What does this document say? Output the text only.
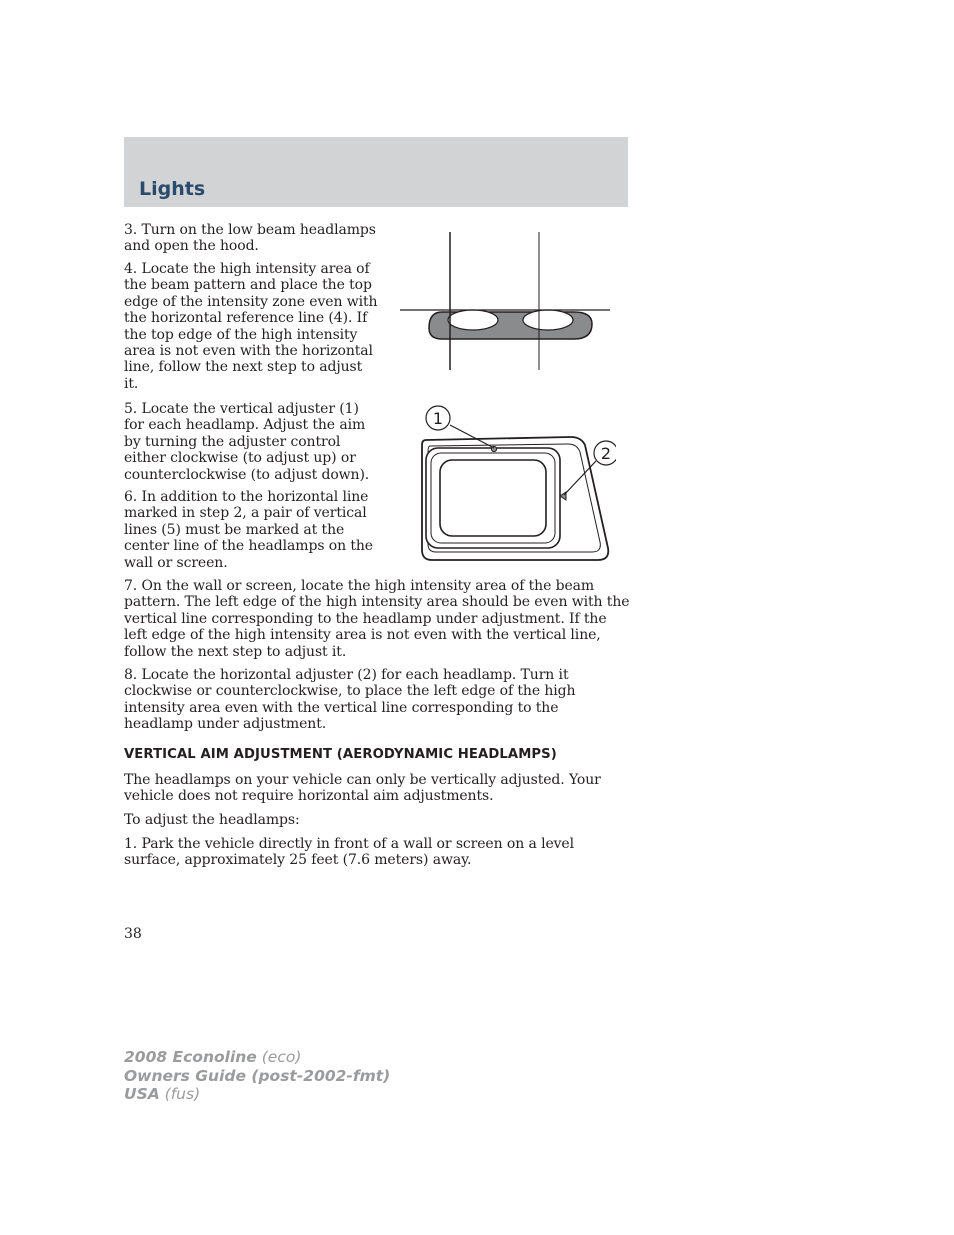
Lights

3. Turn on the low beam headlamps and open the hood.

4. Locate the high intensity area of the beam pattern and place the top edge of the intensity zone even with the horizontal reference line (4). If the top edge of the high intensity area is not even with the horizontal line, follow the next step to adjust it.

5. Locate the vertical adjuster (1) for each headlamp. Adjust the aim by turning the adjuster control either clockwise (to adjust up) or counterclockwise (to adjust down).

6. In addition to the horizontal line marked in step 2, a pair of vertical lines (5) must be marked at the center line of the headlamps on the wall or screen.

7. On the wall or screen, locate the high intensity area of the beam pattern. The left edge of the high intensity area should be even with the vertical line corresponding to the headlamp under adjustment. If the left edge of the high intensity area is not even with the vertical line, follow the next step to adjust it.

8. Locate the horizontal adjuster (2) for each headlamp. Turn it clockwise or counterclockwise, to place the left edge of the high intensity area even with the vertical line corresponding to the headlamp under adjustment.

VERTICAL AIM ADJUSTMENT (AERODYNAMIC HEADLAMPS)

The headlamps on your vehicle can only be vertically adjusted. Your vehicle does not require horizontal aim adjustments.

To adjust the headlamps:

1. Park the vehicle directly in front of a wall or screen on a level surface, approximately 25 feet (7.6 meters) away.

1
2
38
2008 Econoline (eco)
Owners Guide (post-2002-fmt)
USA (fus)
